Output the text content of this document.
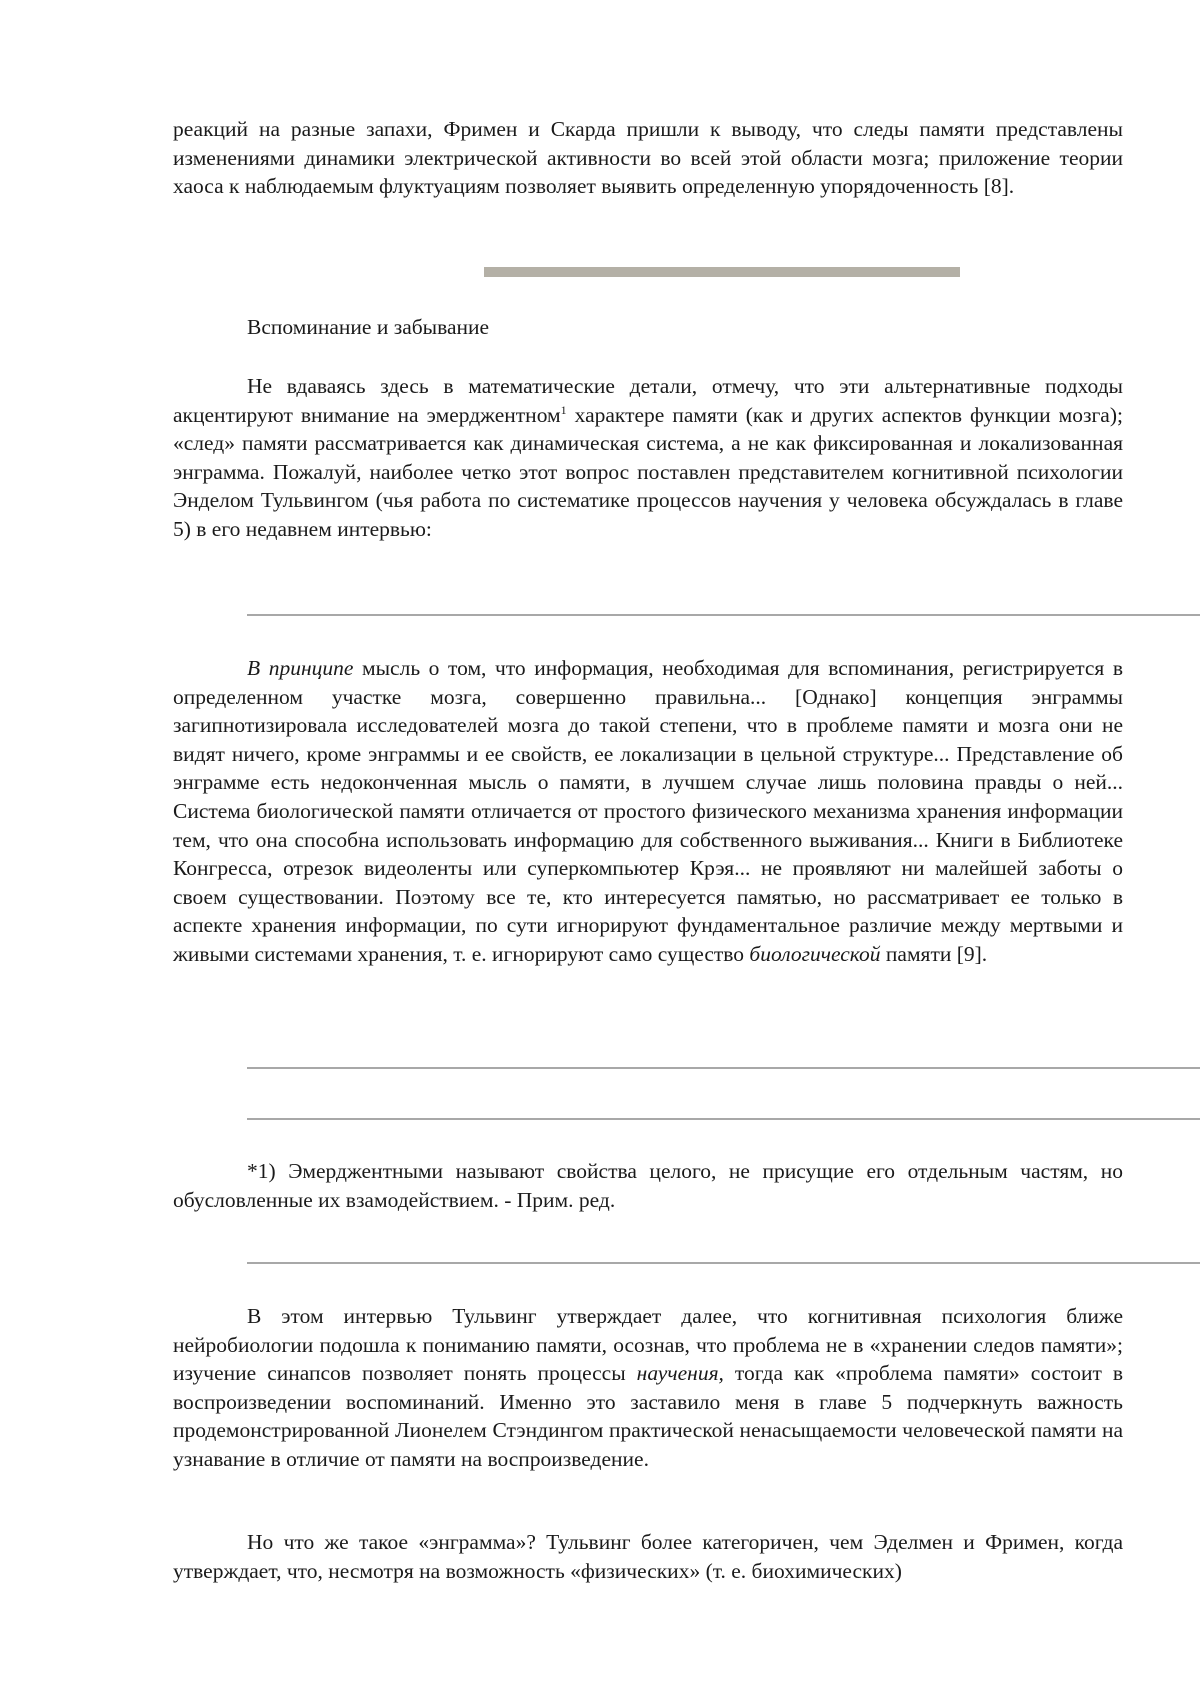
реакций на разные запахи, Фримен и Скарда пришли к выводу, что следы памяти представлены изменениями динамики электрической активности во всей этой области мозга; приложение теории хаоса к наблюдаемым флуктуациям позволяет выявить определенную упорядоченность [8].

Вспоминание и забывание

Не вдаваясь здесь в математические детали, отмечу, что эти альтернативные подходы акцентируют внимание на эмерджентном$^1$ характере памяти (как и других аспектов функции мозга); «след» памяти рассматривается как динамическая система, а не как фиксированная и локализованная энграмма. Пожалуй, наиболее четко этот вопрос поставлен представителем когнитивной психологии Энделом Тульвингом (чья работа по систематике процессов научения у человека обсуждалась в главе 5) в его недавнем интервью:

В принципе мысль о том, что информация, необходимая для вспоминания, регистрируется в определенном участке мозга, совершенно правильна... [Однако] концепция энграммы загипнотизировала исследователей мозга до такой степени, что в проблеме памяти и мозга они не видят ничего, кроме энграммы и ее свойств, ее локализации в цельной структуре... Представление об энграмме есть недоконченная мысль о памяти, в лучшем случае лишь половина правды о ней... Система биологической памяти отличается от простого физического механизма хранения информации тем, что она способна использовать информацию для собственного выживания... Книги в Библиотеке Конгресса, отрезок видеоленты или суперкомпьютер Крэя... не проявляют ни малейшей заботы о своем существовании. Поэтому все те, кто интересуется памятью, но рассматривает ее только в аспекте хранения информации, по сути игнорируют фундаментальное различие между мертвыми и живыми системами хранения, т. е. игнорируют само существо биологической памяти [9].

*1) Эмерджентными называют свойства целого, не присущие его отдельным частям, но обусловленные их взамодействием. - Прим. ред.

В этом интервью Тульвинг утверждает далее, что когнитивная психология ближе нейробиологии подошла к пониманию памяти, осознав, что проблема не в «хранении следов памяти»; изучение синапсов позволяет понять процессы научения, тогда как «проблема памяти» состоит в воспроизведении воспоминаний. Именно это заставило меня в главе 5 подчеркнуть важность продемонстрированной Лионелем Стэндингом практической ненасыщаемости человеческой памяти на узнавание в отличие от памяти на воспроизведение.

Но что же такое «энграмма»? Тульвинг более категоричен, чем Эделмен и Фримен, когда утверждает, что, несмотря на возможность «физических» (т. е. биохимических)
